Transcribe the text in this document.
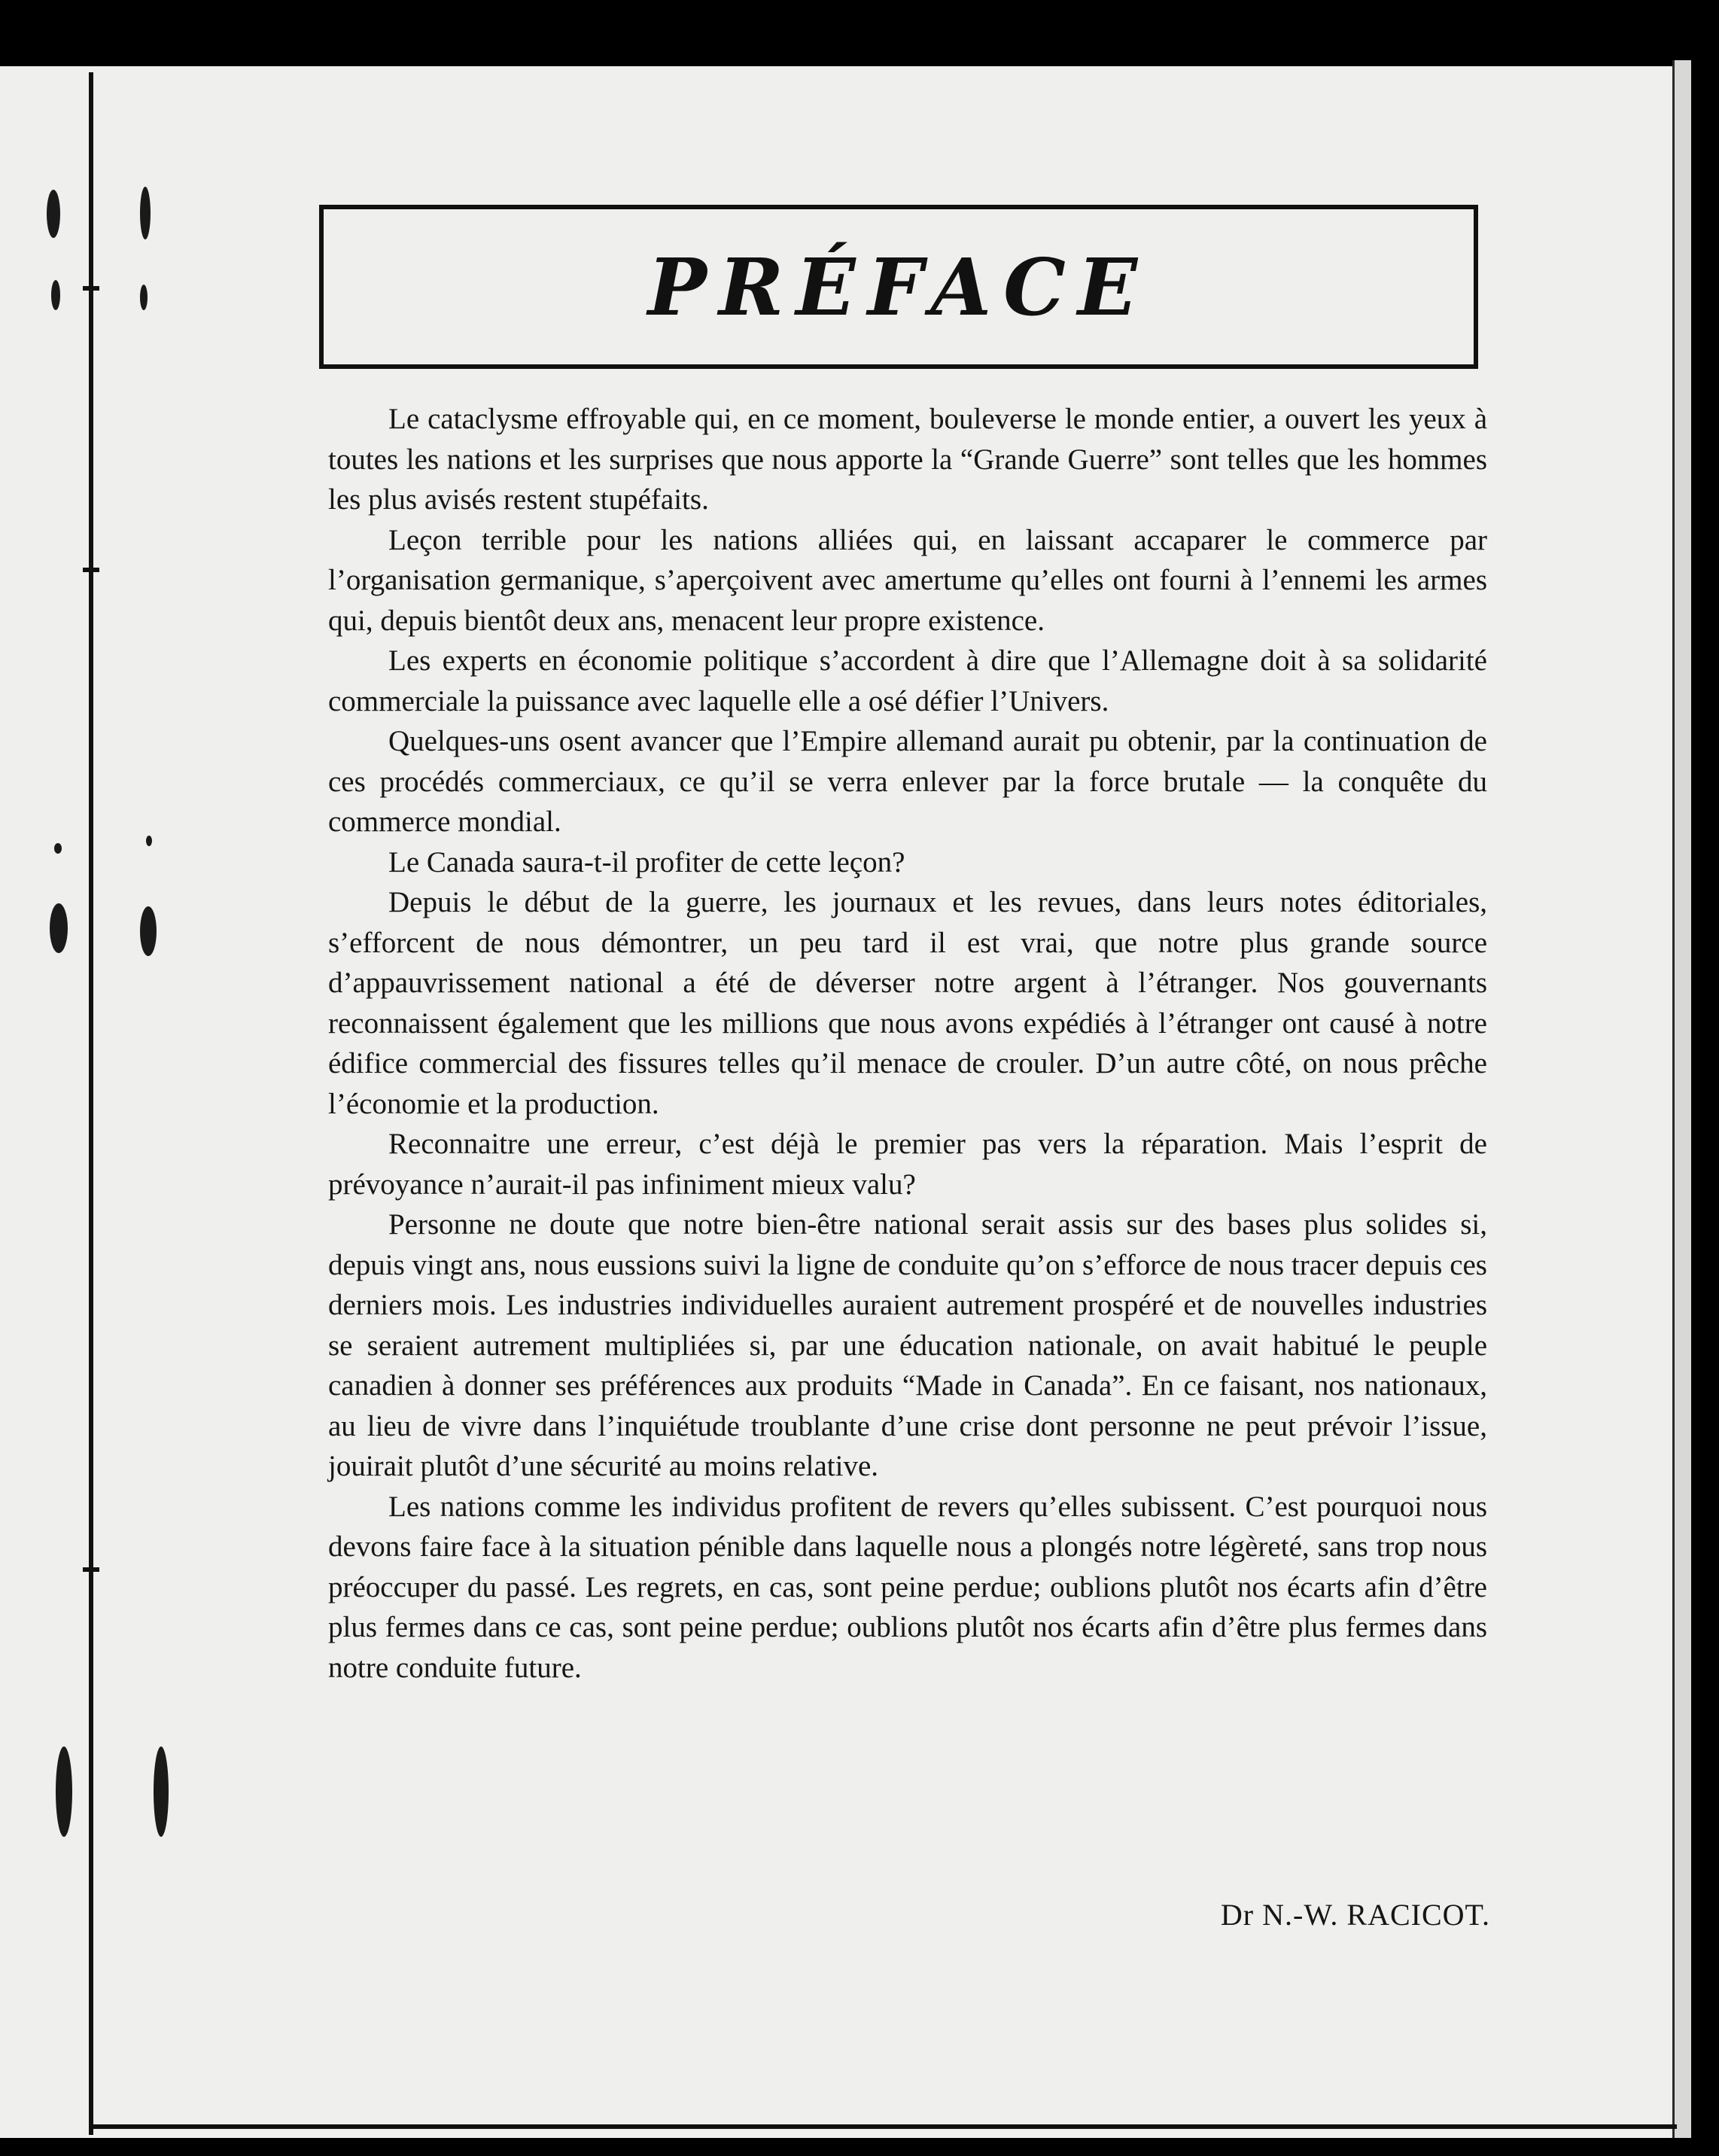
PRÉFACE

Le cataclysme effroyable qui, en ce moment, bouleverse le monde entier, a ouvert les yeux à toutes les nations et les surprises que nous apporte la “Grande Guerre” sont telles que les hommes les plus avisés restent stupéfaits.

Leçon terrible pour les nations alliées qui, en laissant accaparer le commerce par l’organisation germanique, s’aperçoivent avec amertume qu’elles ont fourni à l’ennemi les armes qui, depuis bientôt deux ans, menacent leur propre existence.

Les experts en économie politique s’accordent à dire que l’Allemagne doit à sa solidarité commerciale la puissance avec laquelle elle a osé défier l’Univers.

Quelques-uns osent avancer que l’Empire allemand aurait pu obtenir, par la continuation de ces procédés commerciaux, ce qu’il se verra enlever par la force brutale — la conquête du commerce mondial.

Le Canada saura-t-il profiter de cette leçon?

Depuis le début de la guerre, les journaux et les revues, dans leurs notes éditoriales, s’efforcent de nous démontrer, un peu tard il est vrai, que notre plus grande source d’appauvrissement national a été de déverser notre argent à l’étranger. Nos gouvernants reconnaissent également que les millions que nous avons expédiés à l’étranger ont causé à notre édifice commercial des fissures telles qu’il menace de crouler. D’un autre côté, on nous prêche l’économie et la production.

Reconnaitre une erreur, c’est déjà le premier pas vers la réparation. Mais l’esprit de prévoyance n’aurait-il pas infiniment mieux valu?

Personne ne doute que notre bien-être national serait assis sur des bases plus solides si, depuis vingt ans, nous eussions suivi la ligne de conduite qu’on s’efforce de nous tracer depuis ces derniers mois. Les industries individuelles auraient autrement prospéré et de nouvelles industries se seraient autrement multipliées si, par une éducation nationale, on avait habitué le peuple canadien à donner ses préférences aux produits “Made in Canada”. En ce faisant, nos nationaux, au lieu de vivre dans l’inquiétude troublante d’une crise dont personne ne peut prévoir l’issue, jouirait plutôt d’une sécurité au moins relative.

Les nations comme les individus profitent de revers qu’elles subissent. C’est pourquoi nous devons faire face à la situation pénible dans laquelle nous a plongés notre légèreté, sans trop nous préoccuper du passé. Les regrets, en cas, sont peine perdue; oublions plutôt nos écarts afin d’être plus fermes dans ce cas, sont peine perdue; oublions plutôt nos écarts afin d’être plus fermes dans notre conduite future.

Dr N.-W. RACICOT.
